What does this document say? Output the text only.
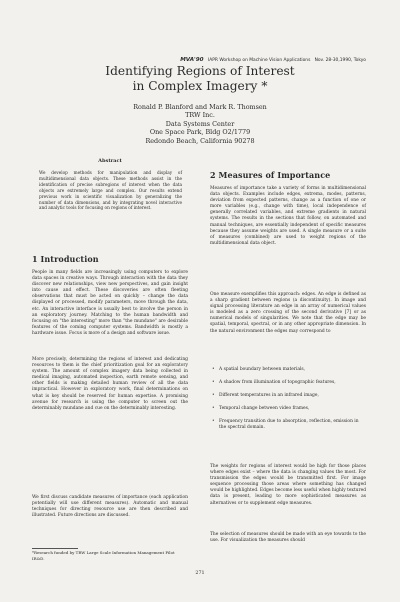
MVA'90 IAPR Workshop on Machine Vision Applications Nov. 28-30,1990, Tokyo
Identifying Regions of Interest
in Complex Imagery *
Ronald P. Blanford and Mark R. Thomsen
TRW Inc.
Data Systems Center
One Space Park, Bldg O2/1779
Redondo Beach, California 90278
Abstract
We develop methods for manipulation and display of multidimensional data objects. These methods assist in the identification of precise subregions of interest when the data objects are extremely large and complex. Our results extend previous work in scientific visualization by generalizing the number of data dimensions, and by integrating novel interactive and analytic tools for focusing on regions of interest.
1 Introduction
People in many fields are increasingly using computers to explore data spaces in creative ways. Through interaction with the data they discover new relationships, view new perspectives, and gain insight into cause and effect. These discoveries are often fleeting observations that must be acted on quickly – change the data displayed or processed, modify parameters, move through the data, etc. An interactive interface is usually best to involve the person in an exploratory journey. Matching to the human bandwidth and focusing on "the interesting" more than "the mundane" are desirable features of the coming computer systems. Bandwidth is mostly a hardware issue. Focus is more of a design and software issue.
More precisely, determining the regions of interest and dedicating resources to them is the chief prioritization goal for an exploratory system. The amount of complex imagery data being collected in medical imaging, automated inspection, earth remote sensing, and other fields is making detailed human review of all the data impractical. However in exploratory work, final determinations on what is key should be reserved for human expertise. A promising avenue for research is using the computer to screen out the determinably mundane and cue on the determinably interesting.
We first discuss candidate measures of importance (each application potentially will use different measures). Automatic and manual techniques for directing resource use are then described and illustrated. Future directions are discussed.
*Research funded by TRW Large Scale Information Management Pilot IR&D.
2 Measures of Importance
Measures of importance take a variety of forms in multidimensional data objects. Examples include edges, extrema, modes, patterns, deviation from expected patterns, change as a function of one or more variables (e.g., change with time), local independence of generally correlated variables, and extreme gradients in natural systems. The results in the sections that follow, on automated and manual techniques, are essentially independent of specific measures because they assume weights are used. A single measure or a suite of measures (combined) are used to weight regions of the multidimensional data object.
One measure exemplifies this approach: edges. An edge is defined as a sharp gradient between regions (a discontinuity). In image and signal processing literature an edge in an array of numerical values is modeled as a zero crossing of the second derivative [7] or as numerical models of singularities. We note that the edge may be spatial, temporal, spectral, or in any other appropriate dimension. In the natural environment the edges may correspond to
• A spatial boundary between materials,
• A shadow from illumination of topographic features,
• Different temperatures in an infrared image,
• Temporal change between video frames,
• Frequency transition due to absorption, reflection, emission in the spectral domain.
The weights for regions of interest would be high for those places where edges exist – where the data is changing values the most. For transmission the edges would be transmitted first. For image sequence processing those areas where something has changed would be highlighted. Edges become less useful when highly textured data is present, leading to more sophisticated measures as alternatives or to supplement edge measures.
The selection of measures should be made with an eye towards to the use. For visualization the measures should
271
